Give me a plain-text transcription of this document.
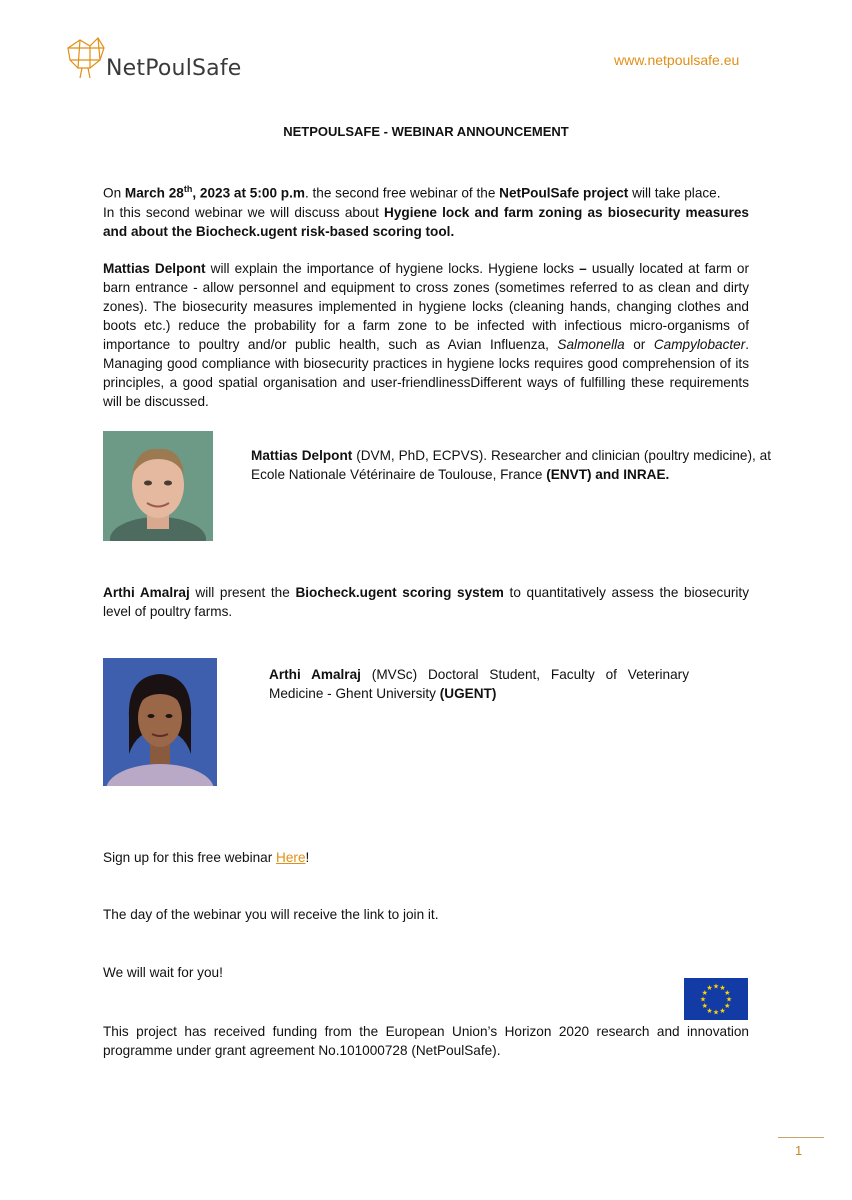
NetPoulSafe	www.netpoulsafe.eu
NETPOULSAFE - WEBINAR ANNOUNCEMENT
On March 28th, 2023 at 5:00 p.m. the second free webinar of the NetPoulSafe project will take place.
In this second webinar we will discuss about Hygiene lock and farm zoning as biosecurity measures and about the Biocheck.ugent risk-based scoring tool.
Mattias Delpont will explain the importance of hygiene locks. Hygiene locks – usually located at farm or barn entrance - allow personnel and equipment to cross zones (sometimes referred to as clean and dirty zones). The biosecurity measures implemented in hygiene locks (cleaning hands, changing clothes and boots etc.) reduce the probability for a farm zone to be infected with infectious micro-organisms of importance to poultry and/or public health, such as Avian Influenza, Salmonella or Campylobacter. Managing good compliance with biosecurity practices in hygiene locks requires good comprehension of its principles, a good spatial organisation and user-friendlinessDifferent ways of fulfilling these requirements will be discussed.
Mattias Delpont (DVM, PhD, ECPVS). Researcher and clinician (poultry medicine), at Ecole Nationale Vétérinaire de Toulouse, France (ENVT) and INRAE.
Arthi Amalraj will present the Biocheck.ugent scoring system to quantitatively assess the biosecurity level of poultry farms.
Arthi Amalraj (MVSc) Doctoral Student, Faculty of Veterinary Medicine - Ghent University (UGENT)
Sign up for this free webinar Here!
The day of the webinar you will receive the link to join it.
We will wait for you!
★ ★
★
★
★
★
★
★
★
★
★
★
This project has received funding from the European Union’s Horizon 2020 research and innovation programme under grant agreement No.101000728 (NetPoulSafe).
1
